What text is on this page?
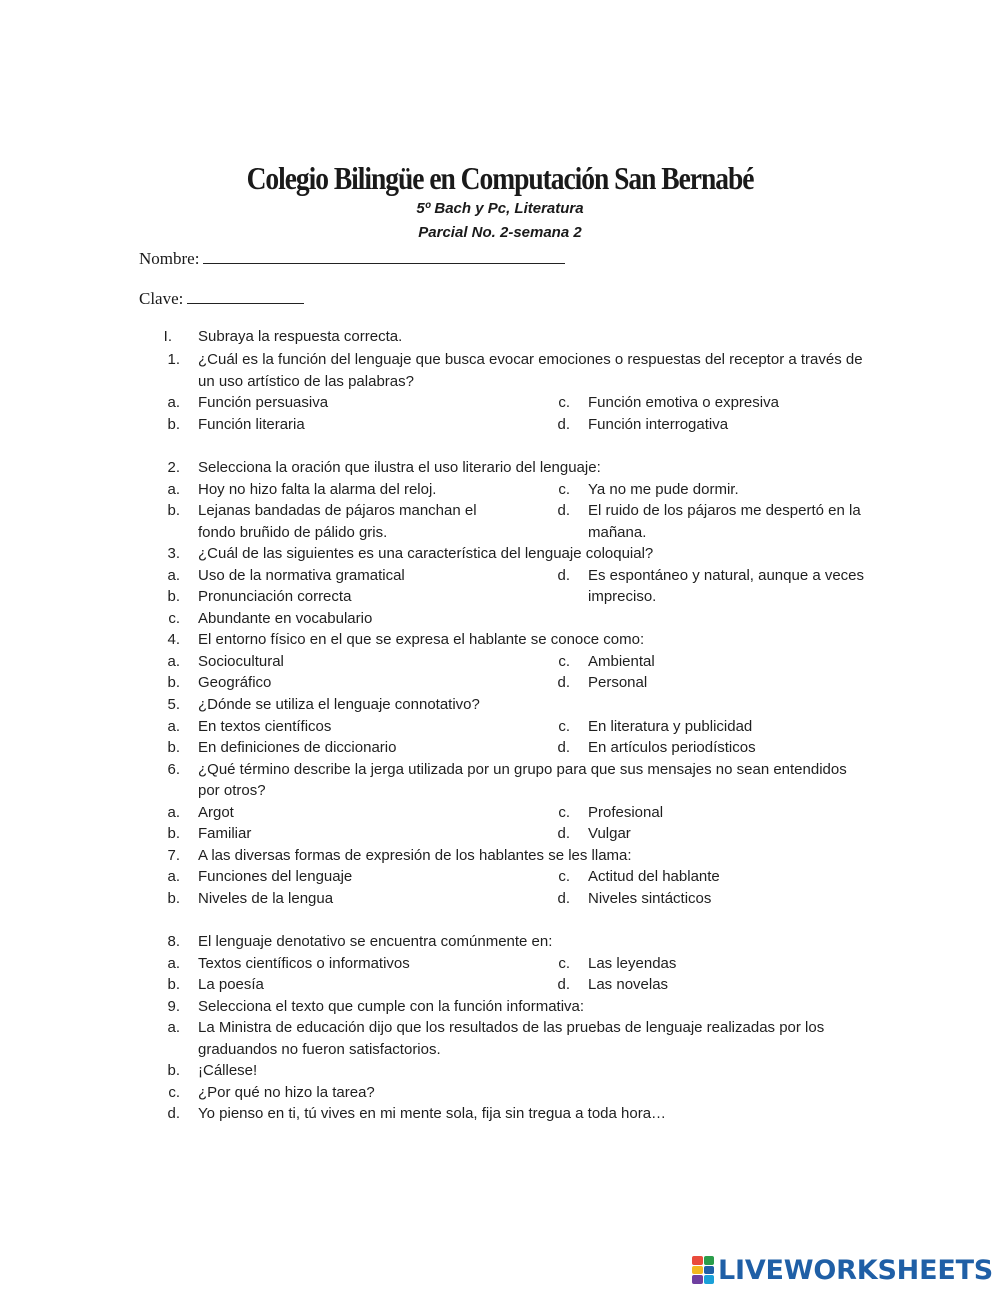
Colegio Bilingüe en Computación San Bernabé
5º Bach y Pc, Literatura
Parcial No. 2-semana 2
Nombre:
Clave:
I. Subraya la respuesta correcta.
1. ¿Cuál es la función del lenguaje que busca evocar emociones o respuestas del receptor a través de
un uso artístico de las palabras?
a. Función persuasiva	c. Función emotiva o expresiva
b. Función literaria	d. Función interrogativa
2. Selecciona la oración que ilustra el uso literario del lenguaje:
a. Hoy no hizo falta la alarma del reloj.	c. Ya no me pude dormir.
b. Lejanas bandadas de pájaros manchan el
fondo bruñido de pálido gris.
d. El ruido de los pájaros me despertó en la
mañana.
3. ¿Cuál de las siguientes es una característica del lenguaje coloquial?
a. Uso de la normativa gramatical	d. Es espontáneo y natural, aunque a veces
b. Pronunciación correcta	impreciso.
c. Abundante en vocabulario
4. El entorno físico en el que se expresa el hablante se conoce como:
a. Sociocultural	c. Ambiental
b. Geográfico	d. Personal
5. ¿Dónde se utiliza el lenguaje connotativo?
a. En textos científicos	c. En literatura y publicidad
b. En definiciones de diccionario	d. En artículos periodísticos
6. ¿Qué término describe la jerga utilizada por un grupo para que sus mensajes no sean entendidos
por otros?
a. Argot	c. Profesional
b. Familiar	d. Vulgar
7. A las diversas formas de expresión de los hablantes se les llama:
a. Funciones del lenguaje	c. Actitud del hablante
b. Niveles de la lengua	d. Niveles sintácticos
8. El lenguaje denotativo se encuentra comúnmente en:
a. Textos científicos o informativos	c. Las leyendas
b. La poesía	d. Las novelas
9. Selecciona el texto que cumple con la función informativa:
a. La Ministra de educación dijo que los resultados de las pruebas de lenguaje realizadas por los
graduandos no fueron satisfactorios.
b. ¡Cállese!
c. ¿Por qué no hizo la tarea?
d. Yo pienso en ti, tú vives en mi mente sola, fija sin tregua a toda hora…
LIVEWORKSHEETS
